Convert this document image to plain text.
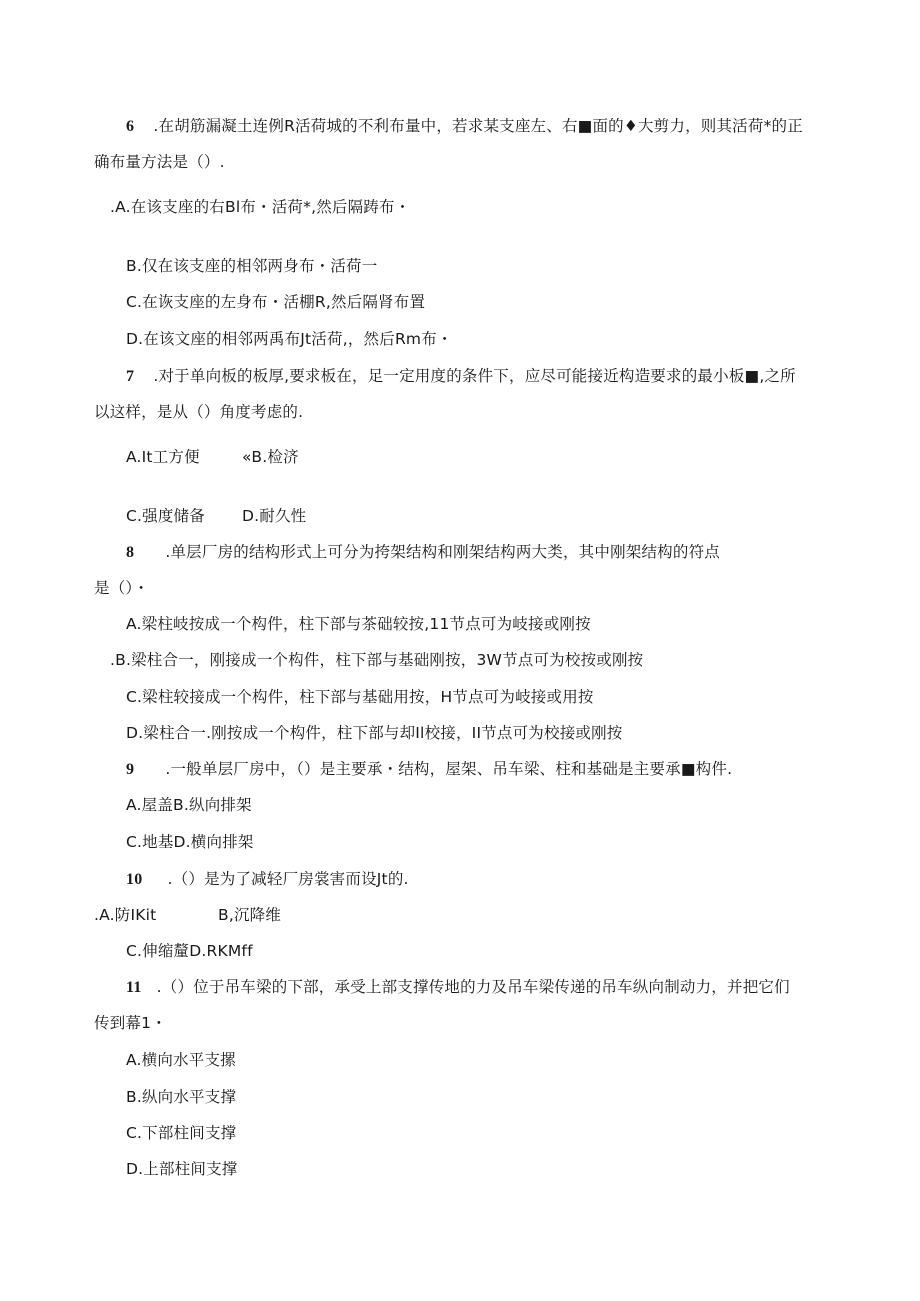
6 .在胡筋漏凝土连例R活荷城的不利布量中，若求某支座左、右■面的♦大剪力，则其活荷*的正
确布量方法是（）.
.A.在该支座的右Bl布・活荷*,然后隔踌布・
B.仅在该支座的相邻两身布・活荷一
C.在诙支座的左身布・活棚R,然后隔肾布置
D.在该文座的相邻两禹布Jt活荷,，然后Rm布・
7 .对于单向板的板厚,要求板在，足一定用度的条件下，应尽可能接近构造要求的最小板■,之所
以这样，是从（）角度考虑的.
A.It工方便	«B.检济
C.强度储备 D.耐久性
8 .单层厂房的结构形式上可分为挎架结构和刚架结构两大类，其中刚架结构的符点
是（）・
A.梁柱岐按成一个构件，柱下部与茶础较按,11节点可为岐接或刚按
.B.梁柱合一，刚接成一个构件，柱下部与基础刚按，3W节点可为校按或刚按
C.梁柱较接成一个构件，柱下部与基础用按，H节点可为岐接或用按
D.梁柱合一.刚按成一个构件，柱下部与却Il校接，II节点可为校接或刚按
9 .一般单层厂房中，（）是主要承・结构，屋架、吊车梁、柱和基础是主要承■构件.
A.屋盖B.纵向排架
C.地基D.横向排架
10 .（）是为了减轻厂房裳害而设Jt的.
.A.防IKit	B,沉降维
C.伸缩釐D.RKMff
11 .（）位于吊车梁的下部，承受上部支撑传地的力及吊车梁传递的吊车纵向制动力，并把它们
传到幕1・
A.横向水平支摞
B.纵向水平支撑
C.下部柱间支撑
D.上部柱间支撑
